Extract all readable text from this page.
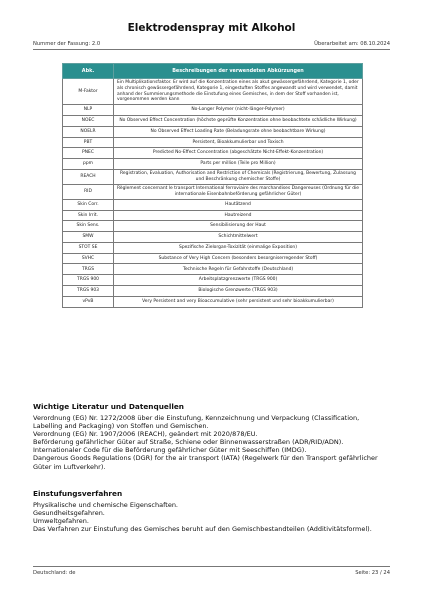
Elektrodenspray mit Alkohol
Nummer der Fassung: 2.0	Überarbeitet am: 08.10.2024
Abk.	Beschreibungen der verwendeten Abkürzungen
M-Faktor	Ein Multiplikationsfaktor. Er wird auf die Konzentration eines als akut gewässergefährdend, Kategorie 1, oder als chronisch gewässergefährdend, Kategorie 1, eingestuften Stoffes angewandt und wird verwendet, damit anhand der Summierungsmethode die Einstufung eines Gemisches, in dem der Stoff vorhanden ist, vorgenommen werden kann
NLP	No-Longer Polymer (nicht-länger-Polymer)
NOEC	No Observed Effect Concentration (höchste geprüfte Konzentration ohne beobachtete schädliche Wirkung)
NOELR	No Observed Effect Loading Rate (Beladungsrate ohne beobachtbare Wirkung)
PBT	Persistent, Bioakkumulierbar und Toxisch
PNEC	Predicted No-Effect Concentration (abgeschätzte Nicht-Effekt-Konzentration)
ppm	Parts per million (Teile pro Million)
REACH	Registration, Evaluation, Authorisation and Restriction of Chemicals (Registrierung, Bewertung, Zulassung und Beschränkung chemischer Stoffe)
RID	Règlement concernant le transport International ferroviaire des marchandises Dangereuses (Ordnung für die internationale Eisenbahnbeförderung gefährlicher Güter)
Skin Corr.	Hautätzend
Skin Irrit.	Hautreizend
Skin Sens.	Sensibilisierung der Haut
SMW	Schichtmittelwert
STOT SE	Spezifische Zielorgan-Toxizität (einmalige Exposition)
SVHC	Substance of Very High Concern (besonders besorgniserregender Stoff)
TRGS	Technische Regeln für Gefahrstoffe (Deutschland)
TRGS 900	Arbeitsplatzgrenzwerte (TRGS 900)
TRGS 903	Biologische Grenzwerte (TRGS 903)
vPvB	Very Persistent and very Bioaccumulative (sehr persistent und sehr bioakkumulierbar)
Wichtige Literatur und Datenquellen

Verordnung (EG) Nr. 1272/2008 über die Einstufung, Kennzeichnung und Verpackung (Classification, Labelling and Packaging) von Stoffen und Gemischen.

Verordnung (EG) Nr. 1907/2006 (REACH), geändert mit 2020/878/EU.

Beförderung gefährlicher Güter auf Straße, Schiene oder Binnenwasserstraßen (ADR/RID/ADN).

Internationaler Code für die Beförderung gefährlicher Güter mit Seeschiffen (IMDG).

Dangerous Goods Regulations (DGR) for the air transport (IATA) (Regelwerk für den Transport gefährlicher Güter im Luftverkehr).

Einstufungsverfahren

Physikalische und chemische Eigenschaften.

Gesundheitsgefahren.

Umweltgefahren.

Das Verfahren zur Einstufung des Gemisches beruht auf den Gemischbestandteilen (Additivitätsformel).

Deutschland: de	Seite: 23 / 24
